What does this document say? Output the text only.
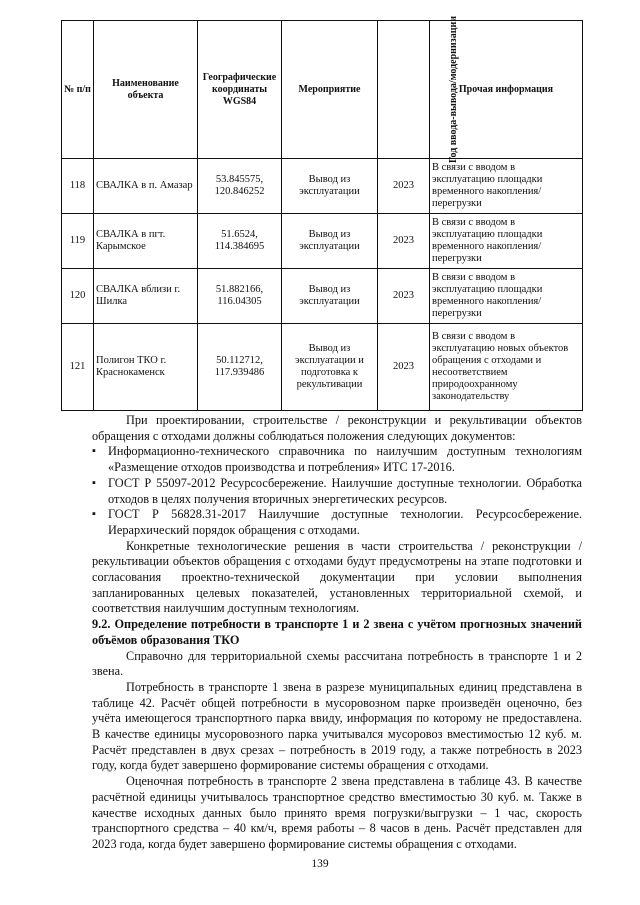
№ п/п	Наименование объекта	Географические координаты WGS84	Мероприятие	Год ввода-вывода/модернизации	Прочая информация
118	СВАЛКА в п. Амазар	53.845575, 120.846252	Вывод из эксплуатации	2023	В связи с вводом в эксплуатацию площадки временного накопления/перегрузки
119	СВАЛКА в пгт. Карымское	51.6524, 114.384695	Вывод из эксплуатации	2023	В связи с вводом в эксплуатацию площадки временного накопления/перегрузки
120	СВАЛКА вблизи г. Шилка	51.882166, 116.04305	Вывод из эксплуатации	2023	В связи с вводом в эксплуатацию площадки временного накопления/перегрузки
121	Полигон ТКО г. Краснокаменск	50.112712, 117.939486	Вывод из эксплуатации и подготовка к рекультивации	2023	В связи с вводом в эксплуатацию новых объектов обращения с отходами и несоответствием природоохранному законодательству

При проектировании, строительстве / реконструкции и рекультивации объектов обращения с отходами должны соблюдаться положения следующих документов:

▪ Информационно-технического справочника по наилучшим доступным технологиям «Размещение отходов производства и потребления» ИТС 17-2016.
▪ ГОСТ Р 55097-2012 Ресурсосбережение. Наилучшие доступные технологии. Обработка отходов в целях получения вторичных энергетических ресурсов.
▪ ГОСТ Р 56828.31-2017 Наилучшие доступные технологии. Ресурсосбережение. Иерархический порядок обращения с отходами.

Конкретные технологические решения в части строительства / реконструкции / рекультивации объектов обращения с отходами будут предусмотрены на этапе подготовки и согласования проектно-технической документации при условии выполнения запланированных целевых показателей, установленных территориальной схемой, и соответствия наилучшим доступным технологиям.

9.2. Определение потребности в транспорте 1 и 2 звена с учётом прогнозных значений объёмов образования ТКО

Справочно для территориальной схемы рассчитана потребность в транспорте 1 и 2 звена.

Потребность в транспорте 1 звена в разрезе муниципальных единиц представлена в таблице 42. Расчёт общей потребности в мусоровозном парке произведён оценочно, без учёта имеющегося транспортного парка ввиду, информация по которому не предоставлена. В качестве единицы мусоровозного парка учитывался мусоровоз вместимостью 12 куб. м. Расчёт представлен в двух срезах – потребность в 2019 году, а также потребность в 2023 году, когда будет завершено формирование системы обращения с отходами.

Оценочная потребность в транспорте 2 звена представлена в таблице 43. В качестве расчётной единицы учитывалось транспортное средство вместимостью 30 куб. м. Также в качестве исходных данных было принято время погрузки/выгрузки – 1 час, скорость транспортного средства – 40 км/ч, время работы – 8 часов в день. Расчёт представлен для 2023 года, когда будет завершено формирование системы обращения с отходами.

139
